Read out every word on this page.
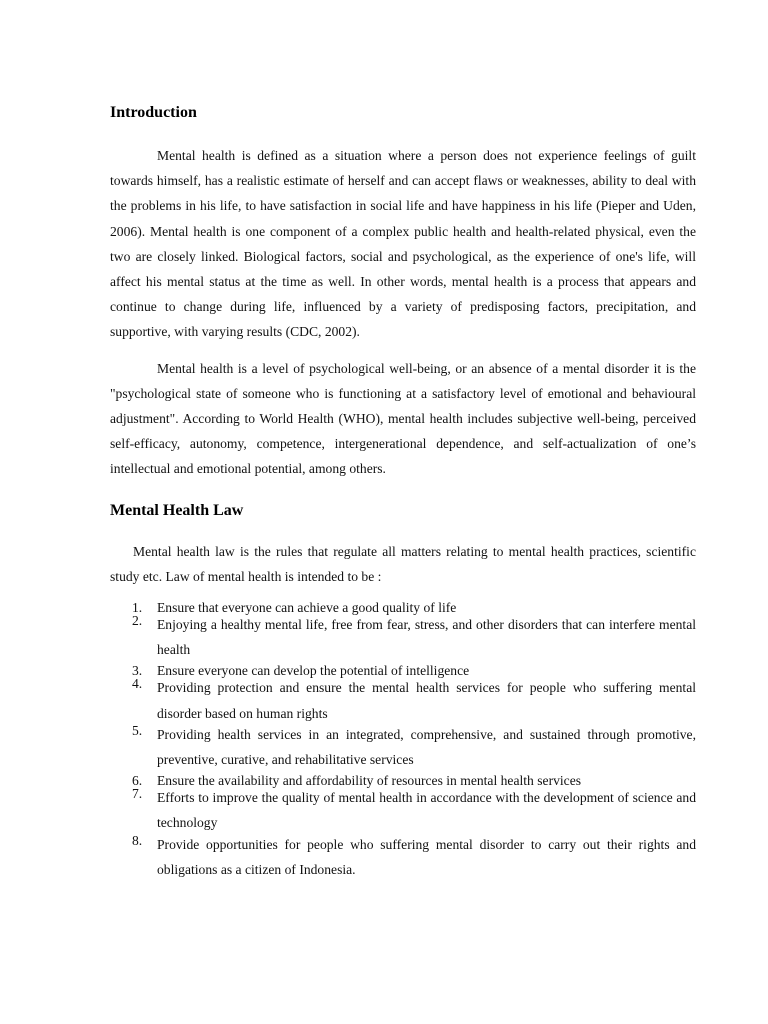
Introduction

Mental health is defined as a situation where a person does not experience feelings of guilt towards himself, has a realistic estimate of herself and can accept flaws or weaknesses, ability to deal with the problems in his life, to have satisfaction in social life and have happiness in his life (Pieper and Uden, 2006). Mental health is one component of a complex public health and health-related physical, even the two are closely linked. Biological factors, social and psychological, as the experience of one's life, will affect his mental status at the time as well. In other words, mental health is a process that appears and continue to change during life, influenced by a variety of predisposing factors, precipitation, and supportive, with varying results (CDC, 2002).

Mental health is a level of psychological well-being, or an absence of a mental disorder it is the "psychological state of someone who is functioning at a satisfactory level of emotional and behavioural adjustment". According to World Health (WHO), mental health includes subjective well-being, perceived self-efficacy, autonomy, competence, intergenerational dependence, and self-actualization of one’s intellectual and emotional potential, among others.

Mental Health Law

Mental health law is the rules that regulate all matters relating to mental health practices, scientific study etc. Law of mental health is intended to be :

1. Ensure that everyone can achieve a good quality of life
2. Enjoying a healthy mental life, free from fear, stress, and other disorders that can interfere mental health
3. Ensure everyone can develop the potential of intelligence
4. Providing protection and ensure the mental health services for people who suffering mental disorder based on human rights
5. Providing health services in an integrated, comprehensive, and sustained through promotive, preventive, curative, and rehabilitative services
6. Ensure the availability and affordability of resources in mental health services
7. Efforts to improve the quality of mental health in accordance with the development of science and technology
8. Provide opportunities for people who suffering mental disorder to carry out their rights and obligations as a citizen of Indonesia.
